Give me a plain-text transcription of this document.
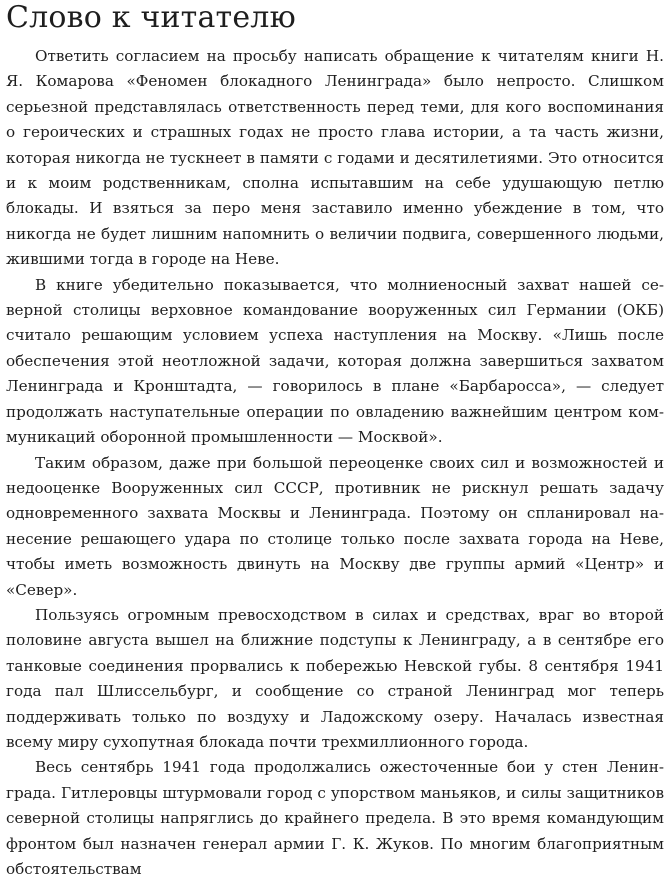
Слово к читателю

Ответить согласием на просьбу написать обращение к читателям книги Н. Я. Комарова «Феномен блокадного Ленинграда» было непросто. Слишком серьезной представлялась ответственность перед теми, для кого воспоминания о героических и страшных годах не просто глава истории, а та часть жизни, которая никогда не тускнеет в памяти с годами и десятилетиями. Это относится и к моим родственникам, сполна испытавшим на себе удушающую петлю блокады. И взяться за перо меня заставило именно убеждение в том, что никогда не будет лишним напомнить о величии подвига, совершенного людьми, жившими тогда в городе на Неве.

В книге убедительно показывается, что молниеносный захват нашей северной столицы верховное командование вооруженных сил Германии (ОКБ) считало решающим условием успеха наступления на Москву. «Лишь после обеспечения этой неотложной задачи, которая должна завершиться захватом Ленинграда и Кронштадта, — говорилось в плане «Барбаросса», — следует продолжать наступательные операции по овладению важнейшим центром коммуникаций оборонной промышленности — Москвой».

Таким образом, даже при большой переоценке своих сил и возможностей и недооценке Вооруженных сил СССР, противник не рискнул решать задачу одновременного захвата Москвы и Ленинграда. Поэтому он спланировал нанесение решающего удара по столице только после захвата города на Неве, чтобы иметь возможность двинуть на Москву две группы армий «Центр» и «Север».

Пользуясь огромным превосходством в силах и средствах, враг во второй половине августа вышел на ближние подступы к Ленинграду, а в сентябре его танковые соединения прорвались к побережью Невской губы. 8 сентября 1941 года пал Шлиссельбург, и сообщение со страной Ленинград мог теперь поддерживать только по воздуху и Ладожскому озеру. Началась известная всему миру сухопутная блокада почти трехмиллионного города.

Весь сентябрь 1941 года продолжались ожесточенные бои у стен Ленинграда. Гитлеровцы штурмовали город с упорством маньяков, и силы защитников северной столицы напряглись до крайнего предела. В это время командующим фронтом был назначен генерал армии Г. К. Жуков. По многим благоприятным обстоятельствам
